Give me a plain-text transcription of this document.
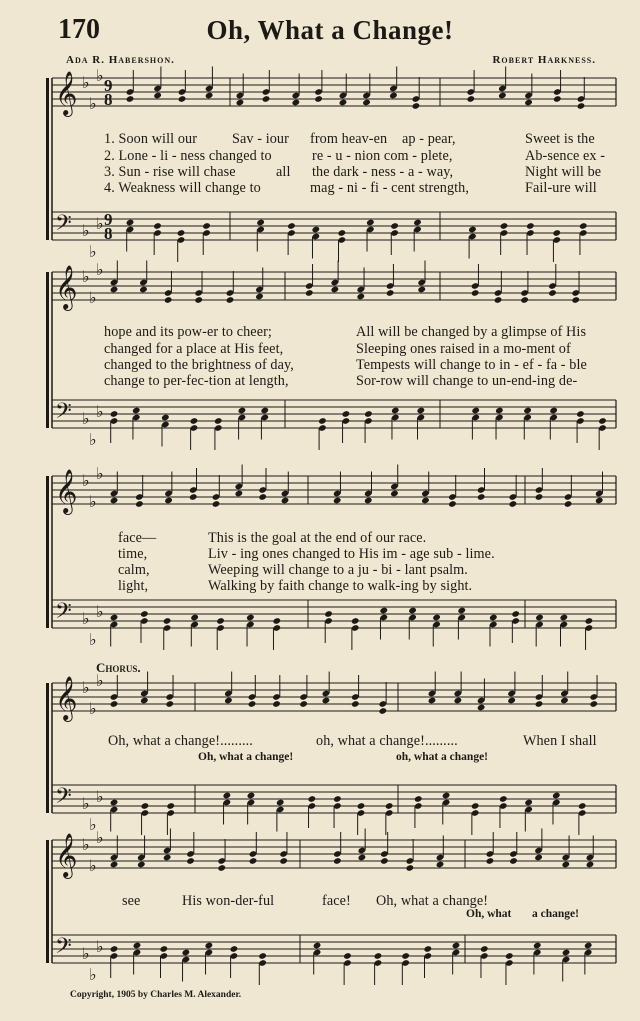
170	Oh, What a Change!
Ada R. Habershon.	Robert Harkness.
𝄞 ♭
♭
♭ 9
8
𝄢 ♭
♭
♭ 9
8
𝄞 ♭
♭
♭
𝄢 ♭
♭
♭
𝄞 ♭
♭
♭
𝄢 ♭
♭
♭
𝄞 ♭
♭
♭
𝄢 ♭
♭
♭
𝄞 ♭
♭
♭
𝄢 ♭
♭
♭
1. Soon will our Sav - iour from heav-en ap - pear,	Sweet is the
2. Lone - li - ness changed to	re - u - nion com - plete,	Ab-sence ex -
3. Sun - rise will chase	all the dark - ness - a - way,	Night will be
4. Weakness will change to	mag - ni - fi - cent strength,	Fail-ure will
hope and its pow-er to cheer;	All will be changed by a glimpse of His
changed for a place at His feet,	Sleeping ones raised in a mo-ment of
changed to the brightness of day,	Tempests will change to in - ef - fa - ble
change to per-fec-tion at length,	Sor-row will change to un-end-ing de-
face—	This is the goal at the end of our race.
time,	Liv - ing ones changed to His im - age sub - lime.
calm,	Weeping will change to a ju - bi - lant psalm.
light,	Walking by faith change to walk-ing by sight.
Chorus.
Oh, what a change!.........	oh, what a change!.........	When I shall
Oh, what a change!	oh, what a change!
see	His won-der-ful	face! Oh, what a change!
Oh, what a change!
Copyright, 1905 by Charles M. Alexander.
